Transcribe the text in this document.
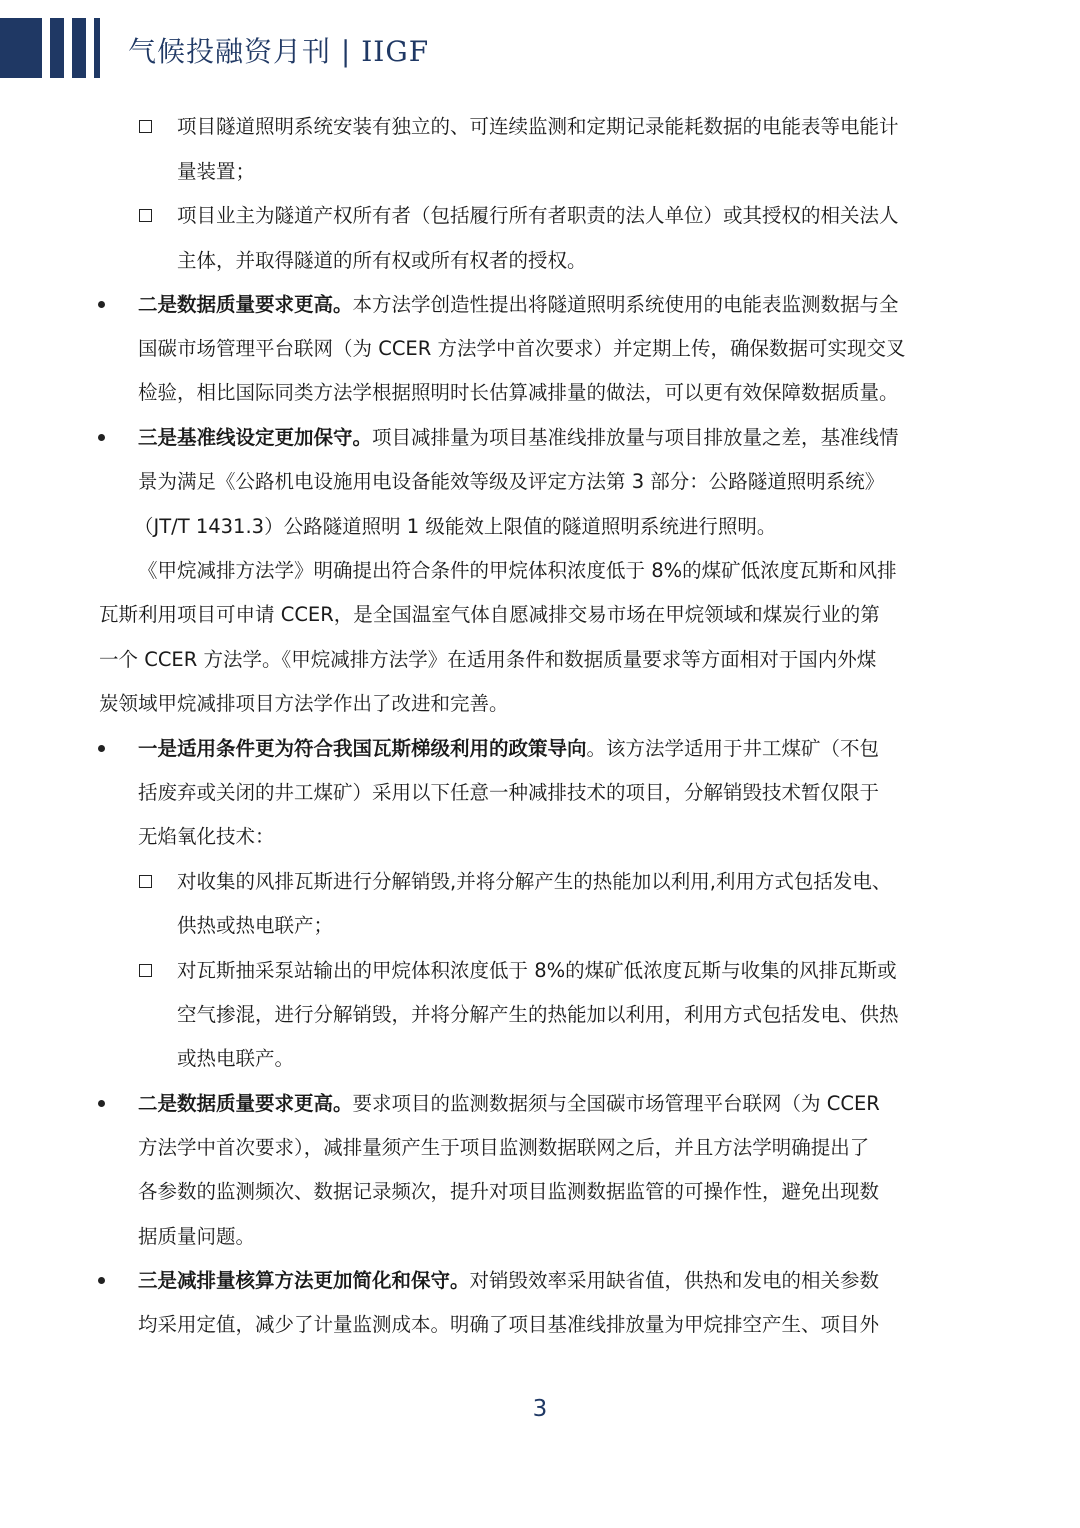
气候投融资月刊 | IIGF
项目隧道照明系统安装有独立的、可连续监测和定期记录能耗数据的电能表等电能计
量装置；
项目业主为隧道产权所有者（包括履行所有者职责的法人单位）或其授权的相关法人
主体，并取得隧道的所有权或所有权者的授权。
二是数据质量要求更高。本方法学创造性提出将隧道照明系统使用的电能表监测数据与全
国碳市场管理平台联网（为 CCER 方法学中首次要求）并定期上传，确保数据可实现交叉
检验，相比国际同类方法学根据照明时长估算减排量的做法，可以更有效保障数据质量。
三是基准线设定更加保守。项目减排量为项目基准线排放量与项目排放量之差，基准线情
景为满足《公路机电设施用电设备能效等级及评定方法第 3 部分：公路隧道照明系统》
（JT/T 1431.3）公路隧道照明 1 级能效上限值的隧道照明系统进行照明。
《甲烷减排方法学》明确提出符合条件的甲烷体积浓度低于 8%的煤矿低浓度瓦斯和风排
瓦斯利用项目可申请 CCER，是全国温室气体自愿减排交易市场在甲烷领域和煤炭行业的第
一个 CCER 方法学。《甲烷减排方法学》在适用条件和数据质量要求等方面相对于国内外煤
炭领域甲烷减排项目方法学作出了改进和完善。
一是适用条件更为符合我国瓦斯梯级利用的政策导向。该方法学适用于井工煤矿（不包
括废弃或关闭的井工煤矿）采用以下任意一种减排技术的项目，分解销毁技术暂仅限于
无焰氧化技术：
对收集的风排瓦斯进行分解销毁,并将分解产生的热能加以利用,利用方式包括发电、
供热或热电联产；
对瓦斯抽采泵站输出的甲烷体积浓度低于 8%的煤矿低浓度瓦斯与收集的风排瓦斯或
空气掺混，进行分解销毁，并将分解产生的热能加以利用，利用方式包括发电、供热
或热电联产。
二是数据质量要求更高。要求项目的监测数据须与全国碳市场管理平台联网（为 CCER
方法学中首次要求），减排量须产生于项目监测数据联网之后，并且方法学明确提出了
各参数的监测频次、数据记录频次，提升对项目监测数据监管的可操作性，避免出现数
据质量问题。
三是减排量核算方法更加简化和保守。对销毁效率采用缺省值，供热和发电的相关参数
均采用定值，减少了计量监测成本。明确了项目基准线排放量为甲烷排空产生、项目外
3
